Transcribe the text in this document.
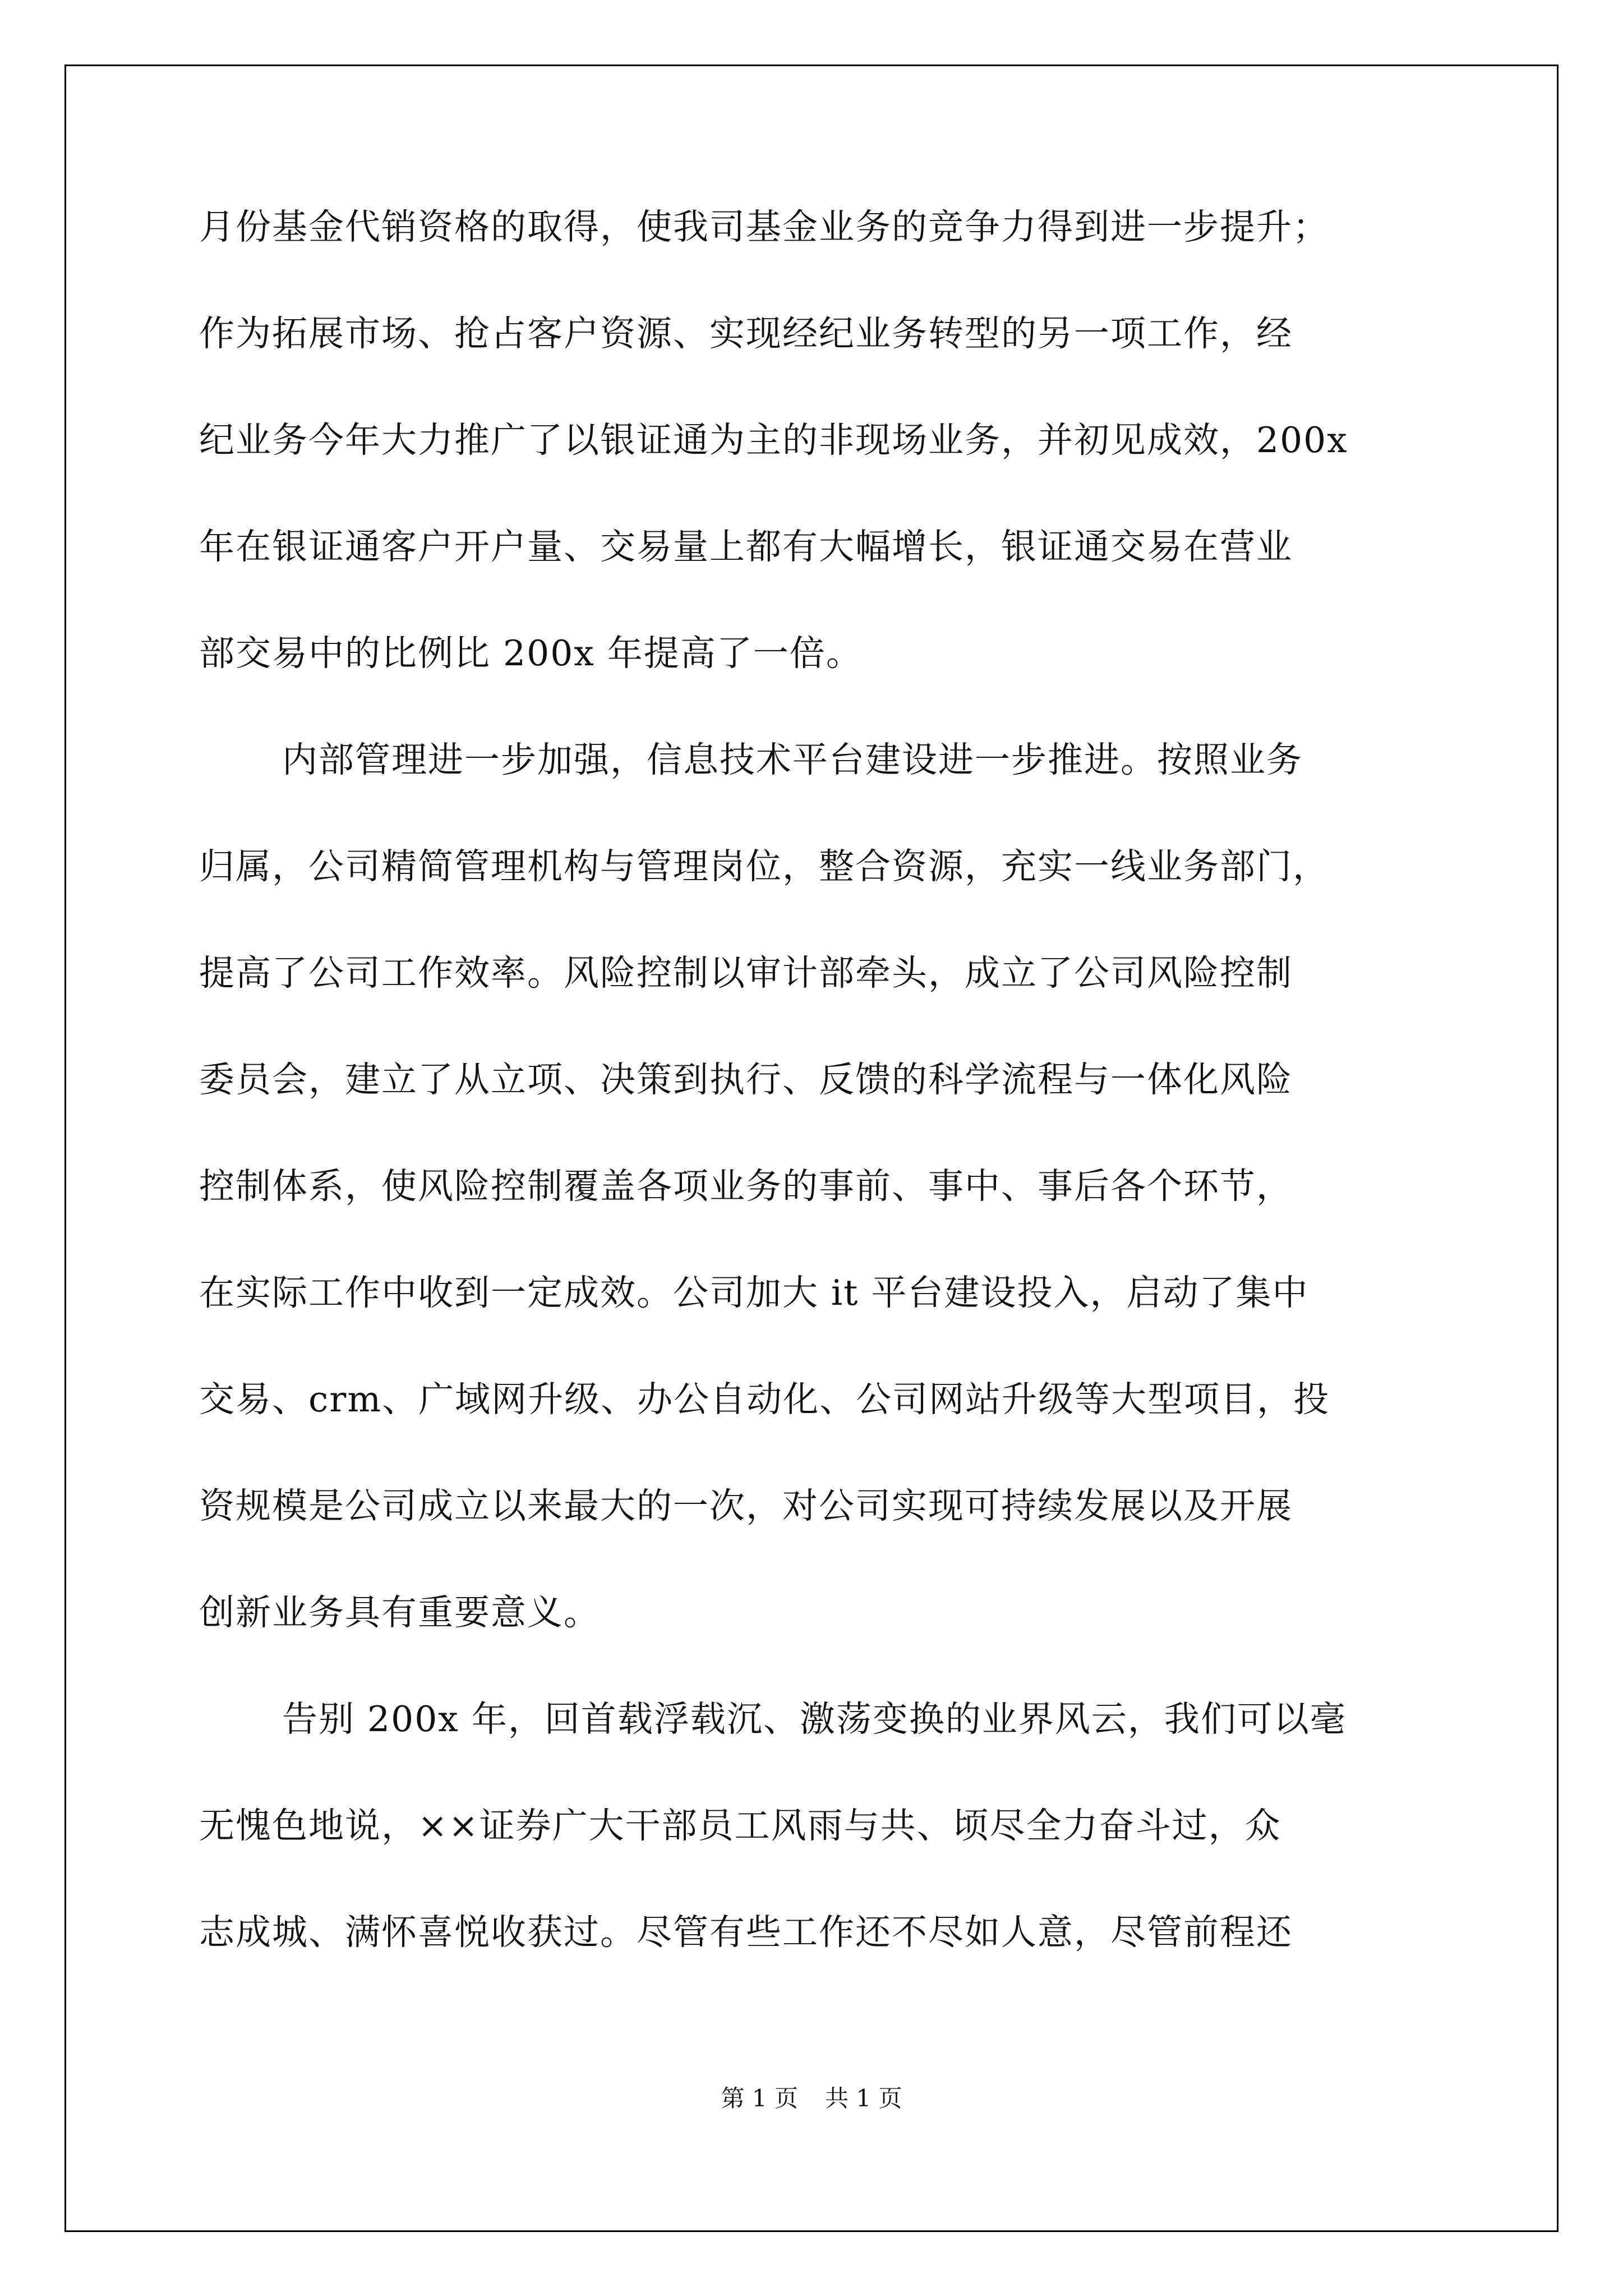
月份基金代销资格的取得，使我司基金业务的竞争力得到进一步提升；
作为拓展市场、抢占客户资源、实现经纪业务转型的另一项工作，经
纪业务今年大力推广了以银证通为主的非现场业务，并初见成效，200x
年在银证通客户开户量、交易量上都有大幅增长，银证通交易在营业
部交易中的比例比 200x 年提高了一倍。
内部管理进一步加强，信息技术平台建设进一步推进。按照业务
归属，公司精简管理机构与管理岗位，整合资源，充实一线业务部门，
提高了公司工作效率。风险控制以审计部牵头，成立了公司风险控制
委员会，建立了从立项、决策到执行、反馈的科学流程与一体化风险
控制体系，使风险控制覆盖各项业务的事前、事中、事后各个环节，
在实际工作中收到一定成效。公司加大 it 平台建设投入，启动了集中
交易、crm、广域网升级、办公自动化、公司网站升级等大型项目，投
资规模是公司成立以来最大的一次，对公司实现可持续发展以及开展
创新业务具有重要意义。
告别 200x 年，回首载浮载沉、激荡变换的业界风云，我们可以毫
无愧色地说，××证券广大干部员工风雨与共、顷尽全力奋斗过，众
志成城、满怀喜悦收获过。尽管有些工作还不尽如人意，尽管前程还
第 1 页 共 1 页
